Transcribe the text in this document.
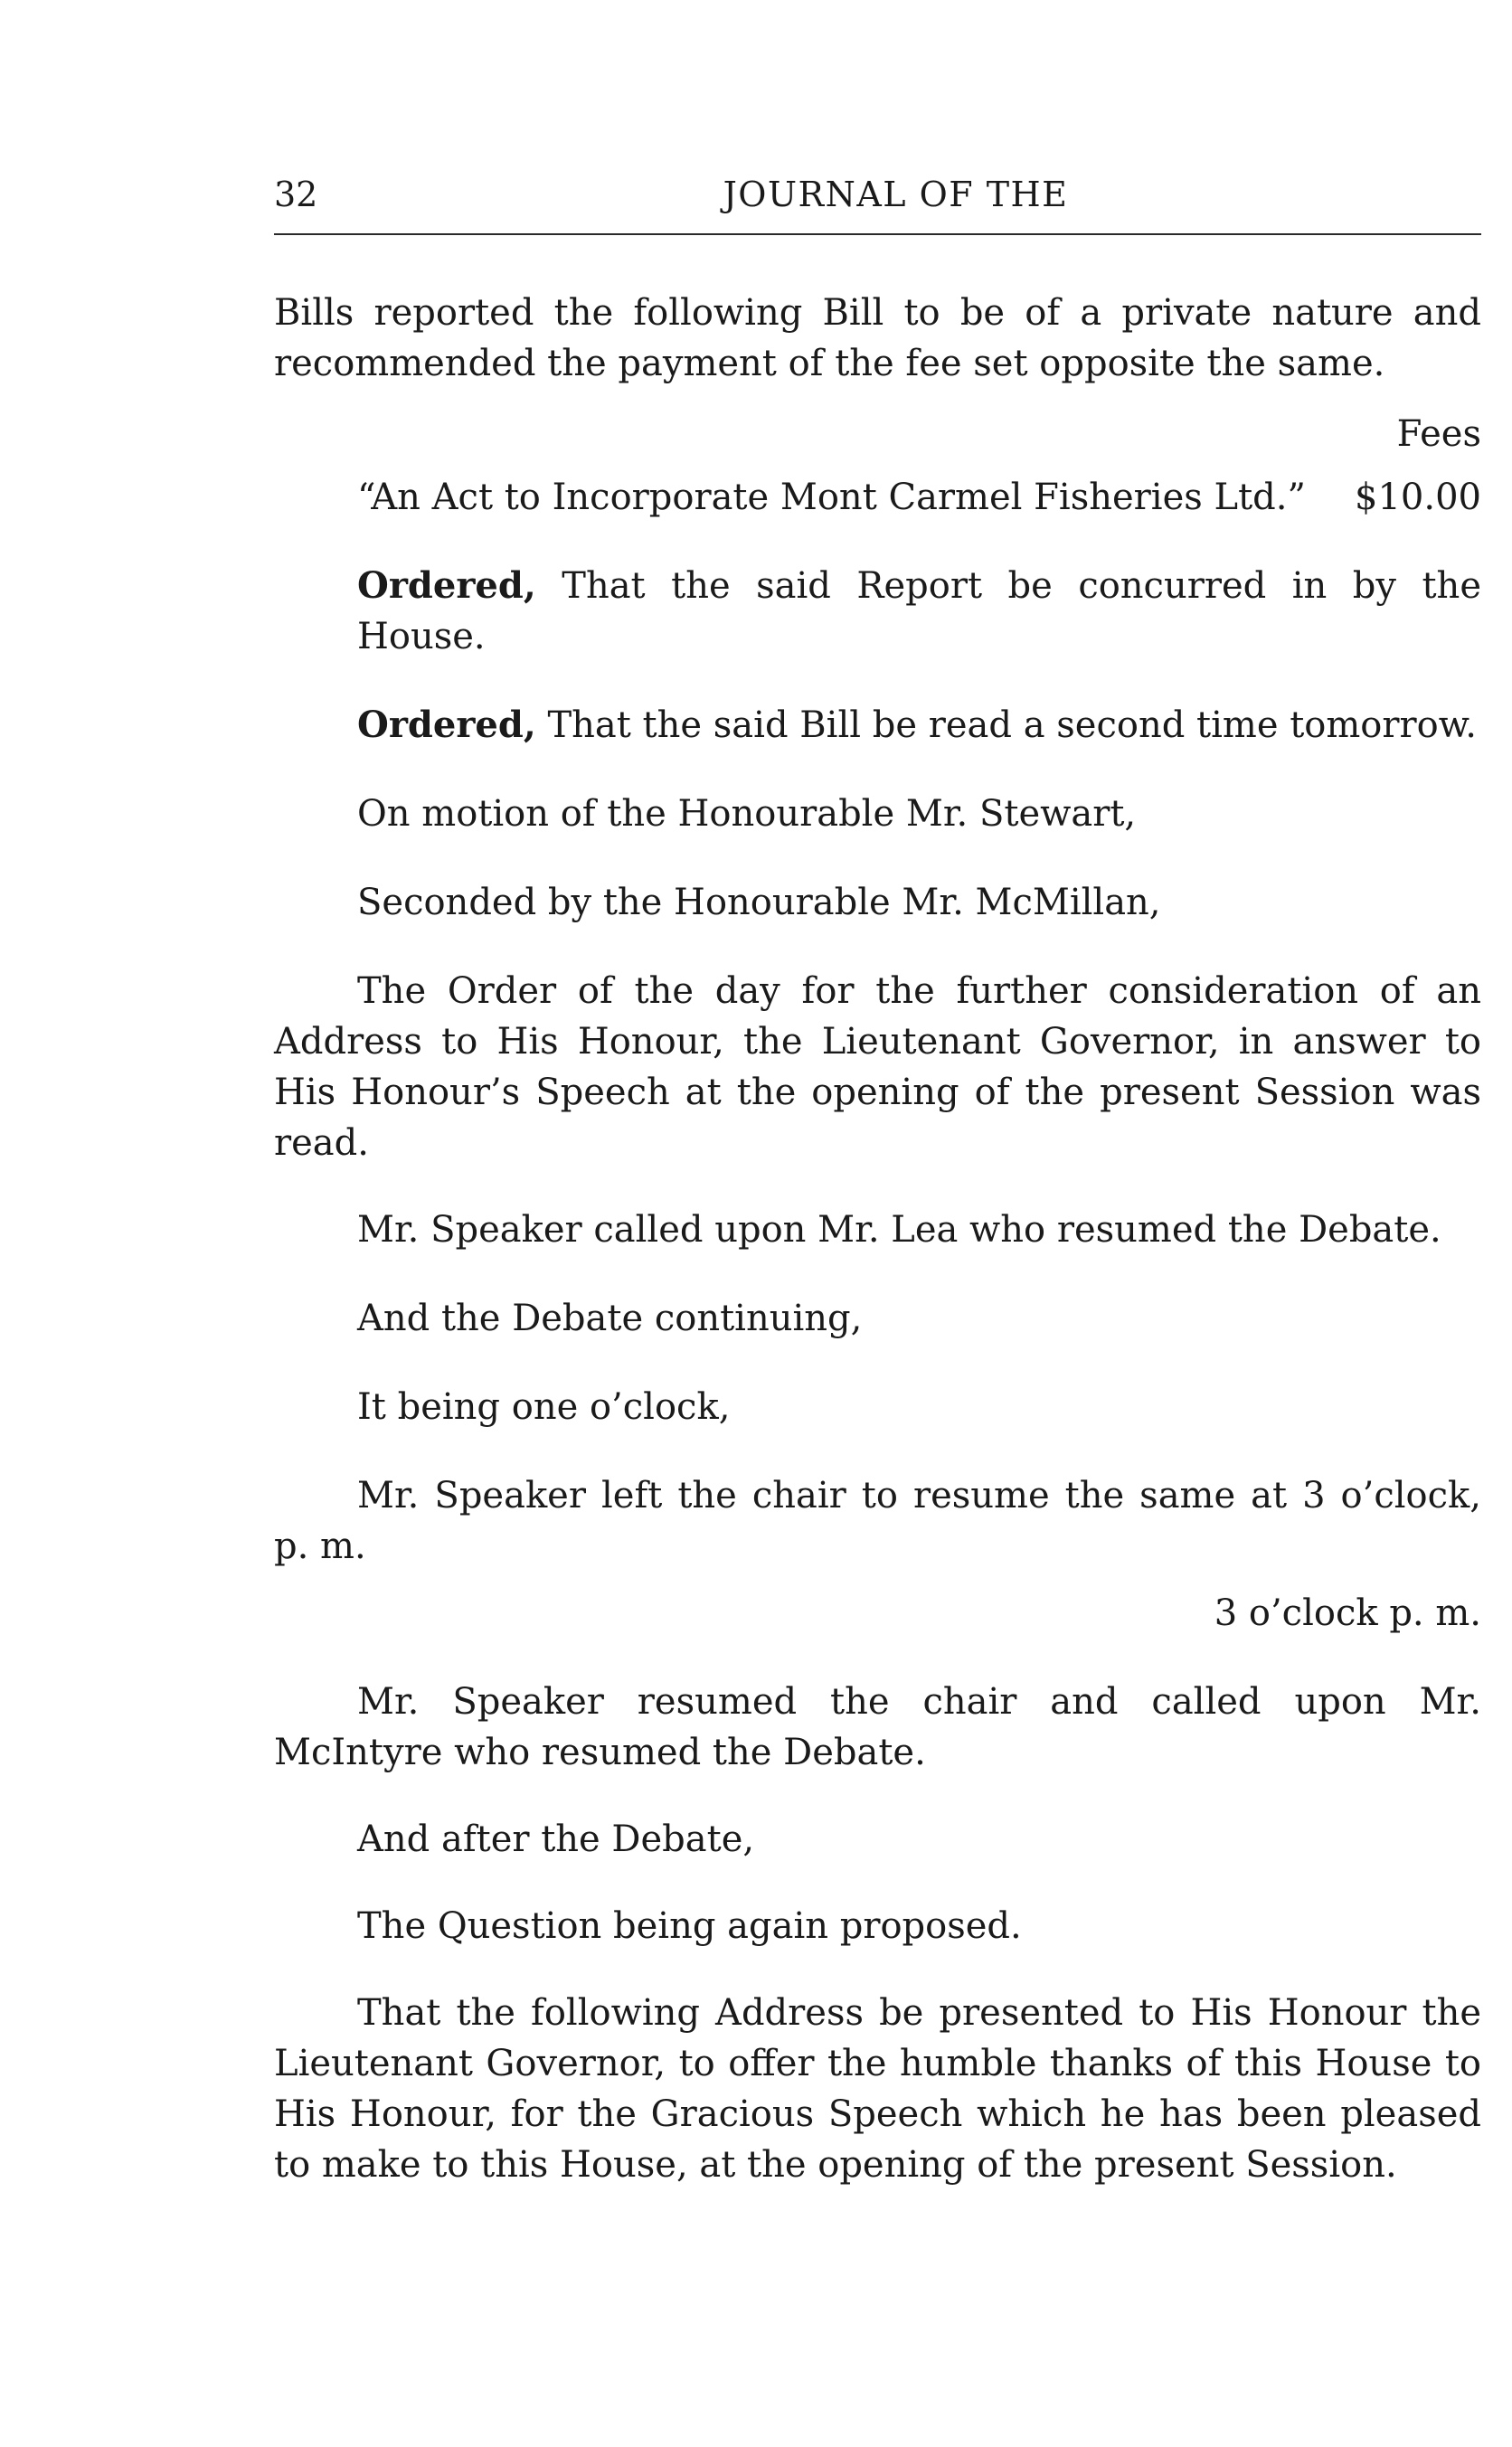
32	JOURNAL OF THE

Bills reported the following Bill to be of a private nature and recommended the payment of the fee set opposite the same.

Fees

“An Act to Incorporate Mont Carmel Fisheries Ltd.” $10.00

Ordered, That the said Report be concurred in by the House.

Ordered, That the said Bill be read a second time tomorrow.

On motion of the Honourable Mr. Stewart,

Seconded by the Honourable Mr. McMillan,

The Order of the day for the further consideration of an Address to His Honour, the Lieutenant Governor, in answer to His Honour’s Speech at the opening of the present Session was read.

Mr. Speaker called upon Mr. Lea who resumed the Debate.

And the Debate continuing,

It being one o’clock,

Mr. Speaker left the chair to resume the same at 3 o’clock, p. m.

3 o’clock p. m.

Mr. Speaker resumed the chair and called upon Mr. McIntyre who resumed the Debate.

And after the Debate,

The Question being again proposed.

That the following Address be presented to His Honour the Lieutenant Governor, to offer the humble thanks of this House to His Honour, for the Gracious Speech which he has been pleased to make to this House, at the opening of the present Session.
